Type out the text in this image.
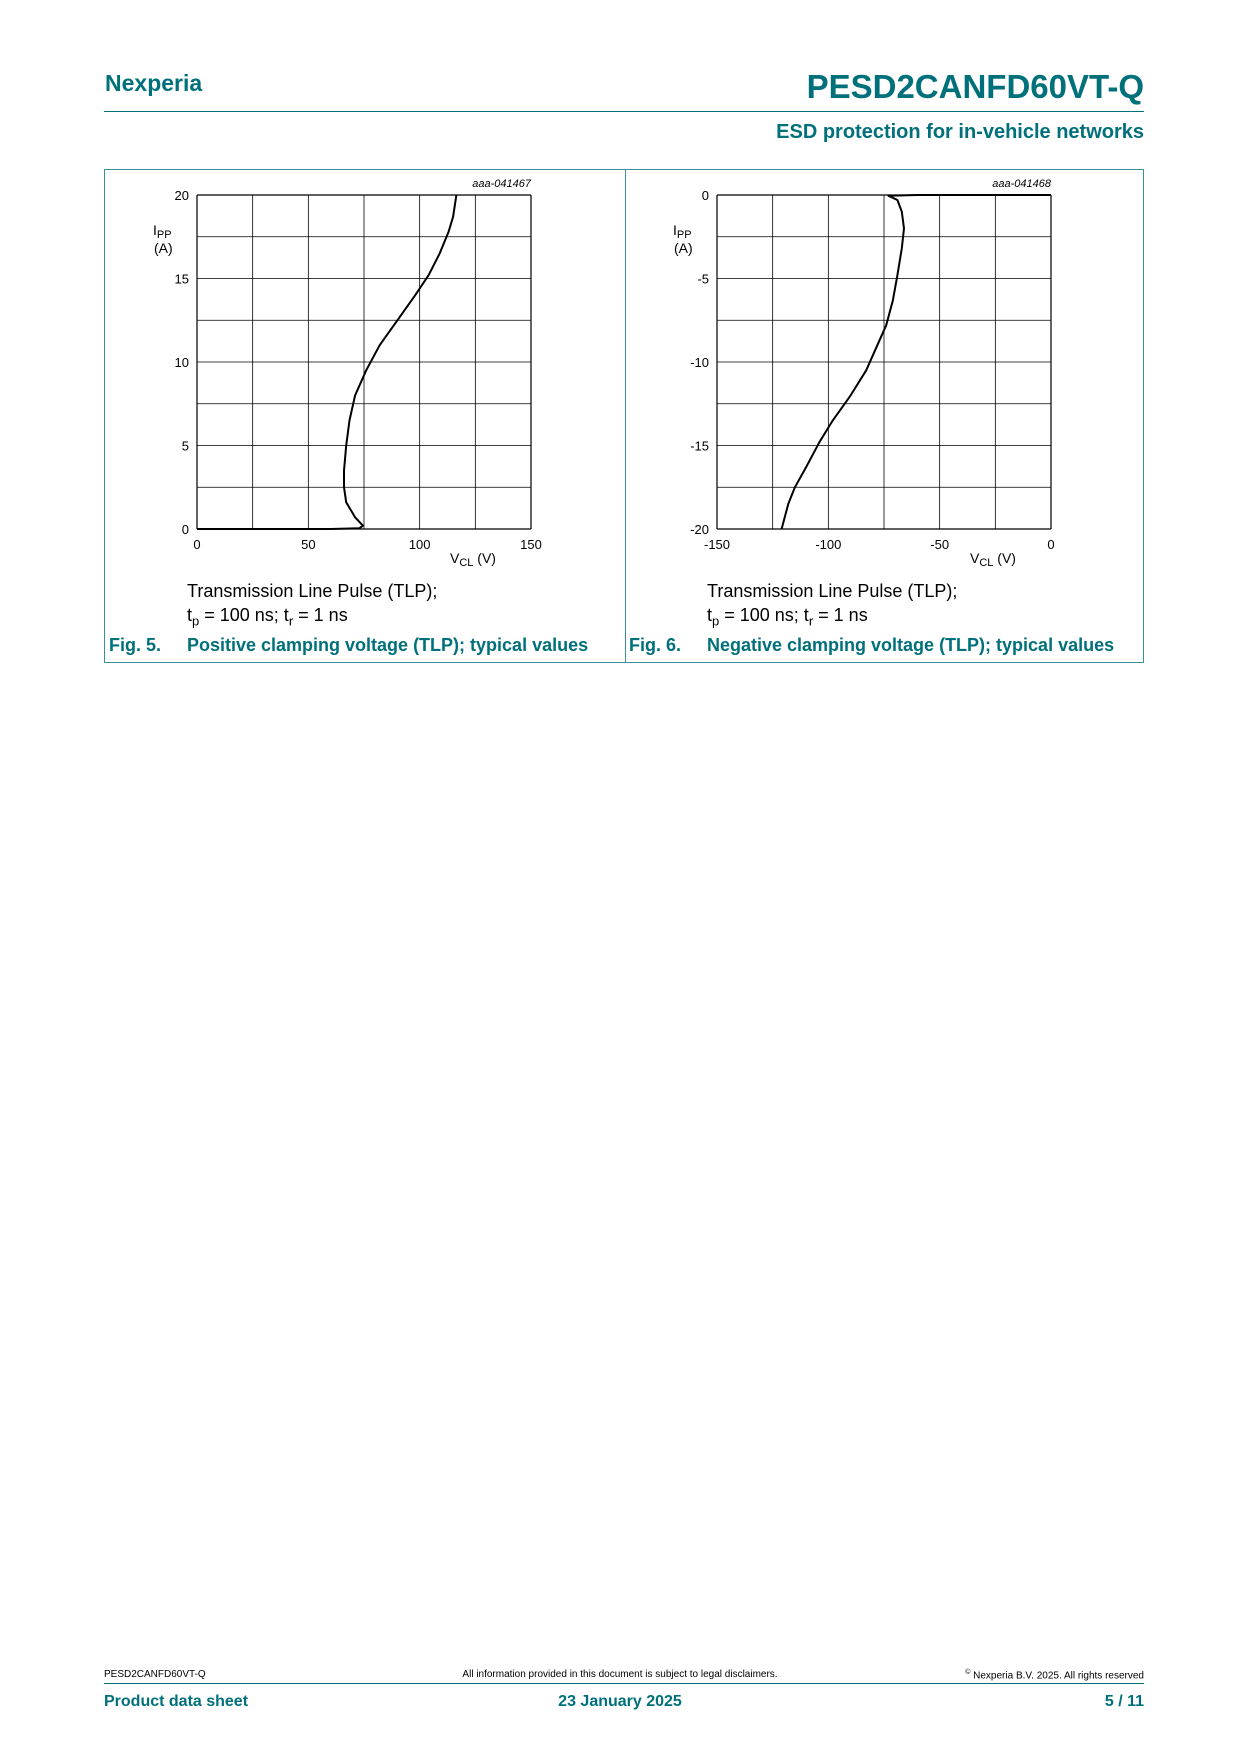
Nexperia	PESD2CANFD60VT-Q
ESD protection for in-vehicle networks
aaa-041467
0
5
10
15
20
0	50	100	150
$I_{PP}$
(A)
$V_{CL}$ (V)
Transmission Line Pulse (TLP);
$t_p = 100$ ns; $t_r = 1$ ns
Fig. 5. Positive clamping voltage (TLP); typical values
aaa-041468
-20
-15
-10
-5
0
-150	-100	-50	0
$I_{PP}$
(A)
$V_{CL}$ (V)
Transmission Line Pulse (TLP);
$t_p = 100$ ns; $t_r = 1$ ns
Fig. 6. Negative clamping voltage (TLP); typical values
PESD2CANFD60VT-Q	All information provided in this document is subject to legal disclaimers.	© Nexperia B.V. 2025. All rights reserved
Product data sheet	23 January 2025	5 / 11
